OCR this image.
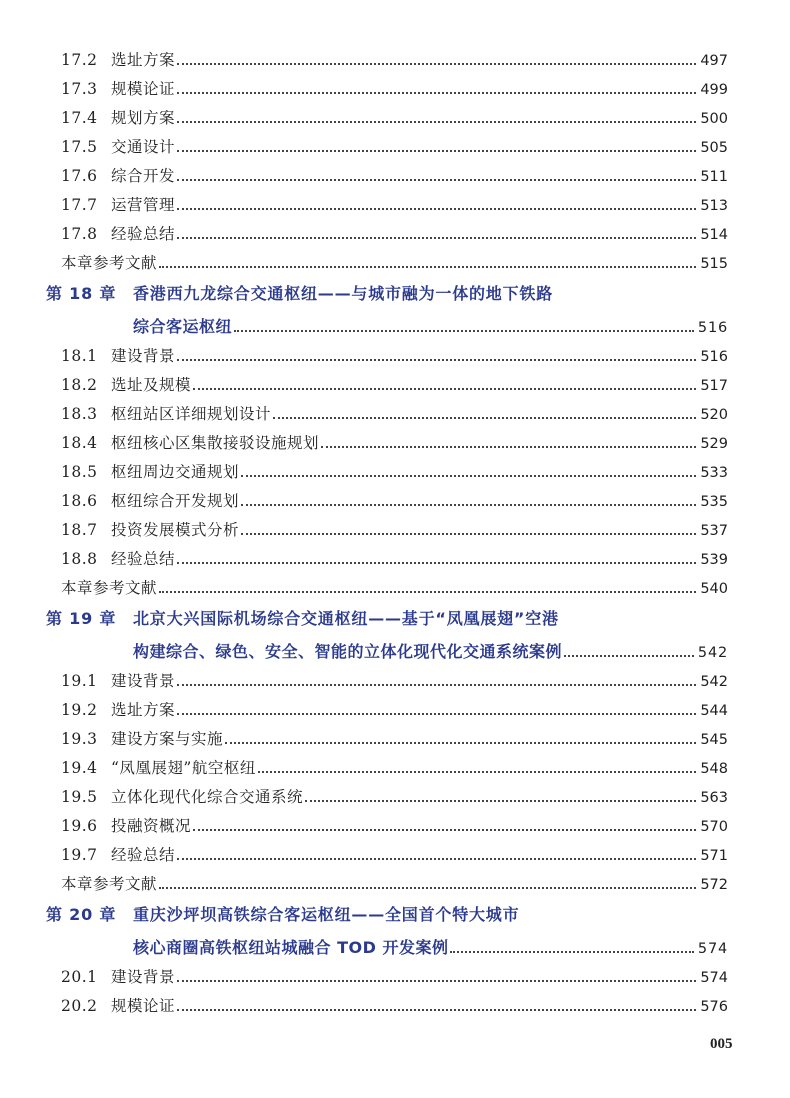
17.2 选址方案	497
17.3 规模论证	499
17.4 规划方案	500
17.5 交通设计	505
17.6 综合开发	511
17.7 运营管理	513
17.8 经验总结	514
本章参考文献	515
第 18 章 香港西九龙综合交通枢纽——与城市融为一体的地下铁路
综合客运枢纽	516
18.1 建设背景	516
18.2 选址及规模	517
18.3 枢纽站区详细规划设计	520
18.4 枢纽核心区集散接驳设施规划	529
18.5 枢纽周边交通规划	533
18.6 枢纽综合开发规划	535
18.7 投资发展模式分析	537
18.8 经验总结	539
本章参考文献	540
第 19 章 北京大兴国际机场综合交通枢纽——基于“凤凰展翅”空港
构建综合、绿色、安全、智能的立体化现代化交通系统案例	542
19.1 建设背景	542
19.2 选址方案	544
19.3 建设方案与实施	545
19.4 “凤凰展翅”航空枢纽	548
19.5 立体化现代化综合交通系统	563
19.6 投融资概况	570
19.7 经验总结	571
本章参考文献	572
第 20 章 重庆沙坪坝高铁综合客运枢纽——全国首个特大城市
核心商圈高铁枢纽站城融合 TOD 开发案例	574
20.1 建设背景	574
20.2 规模论证	576
005
